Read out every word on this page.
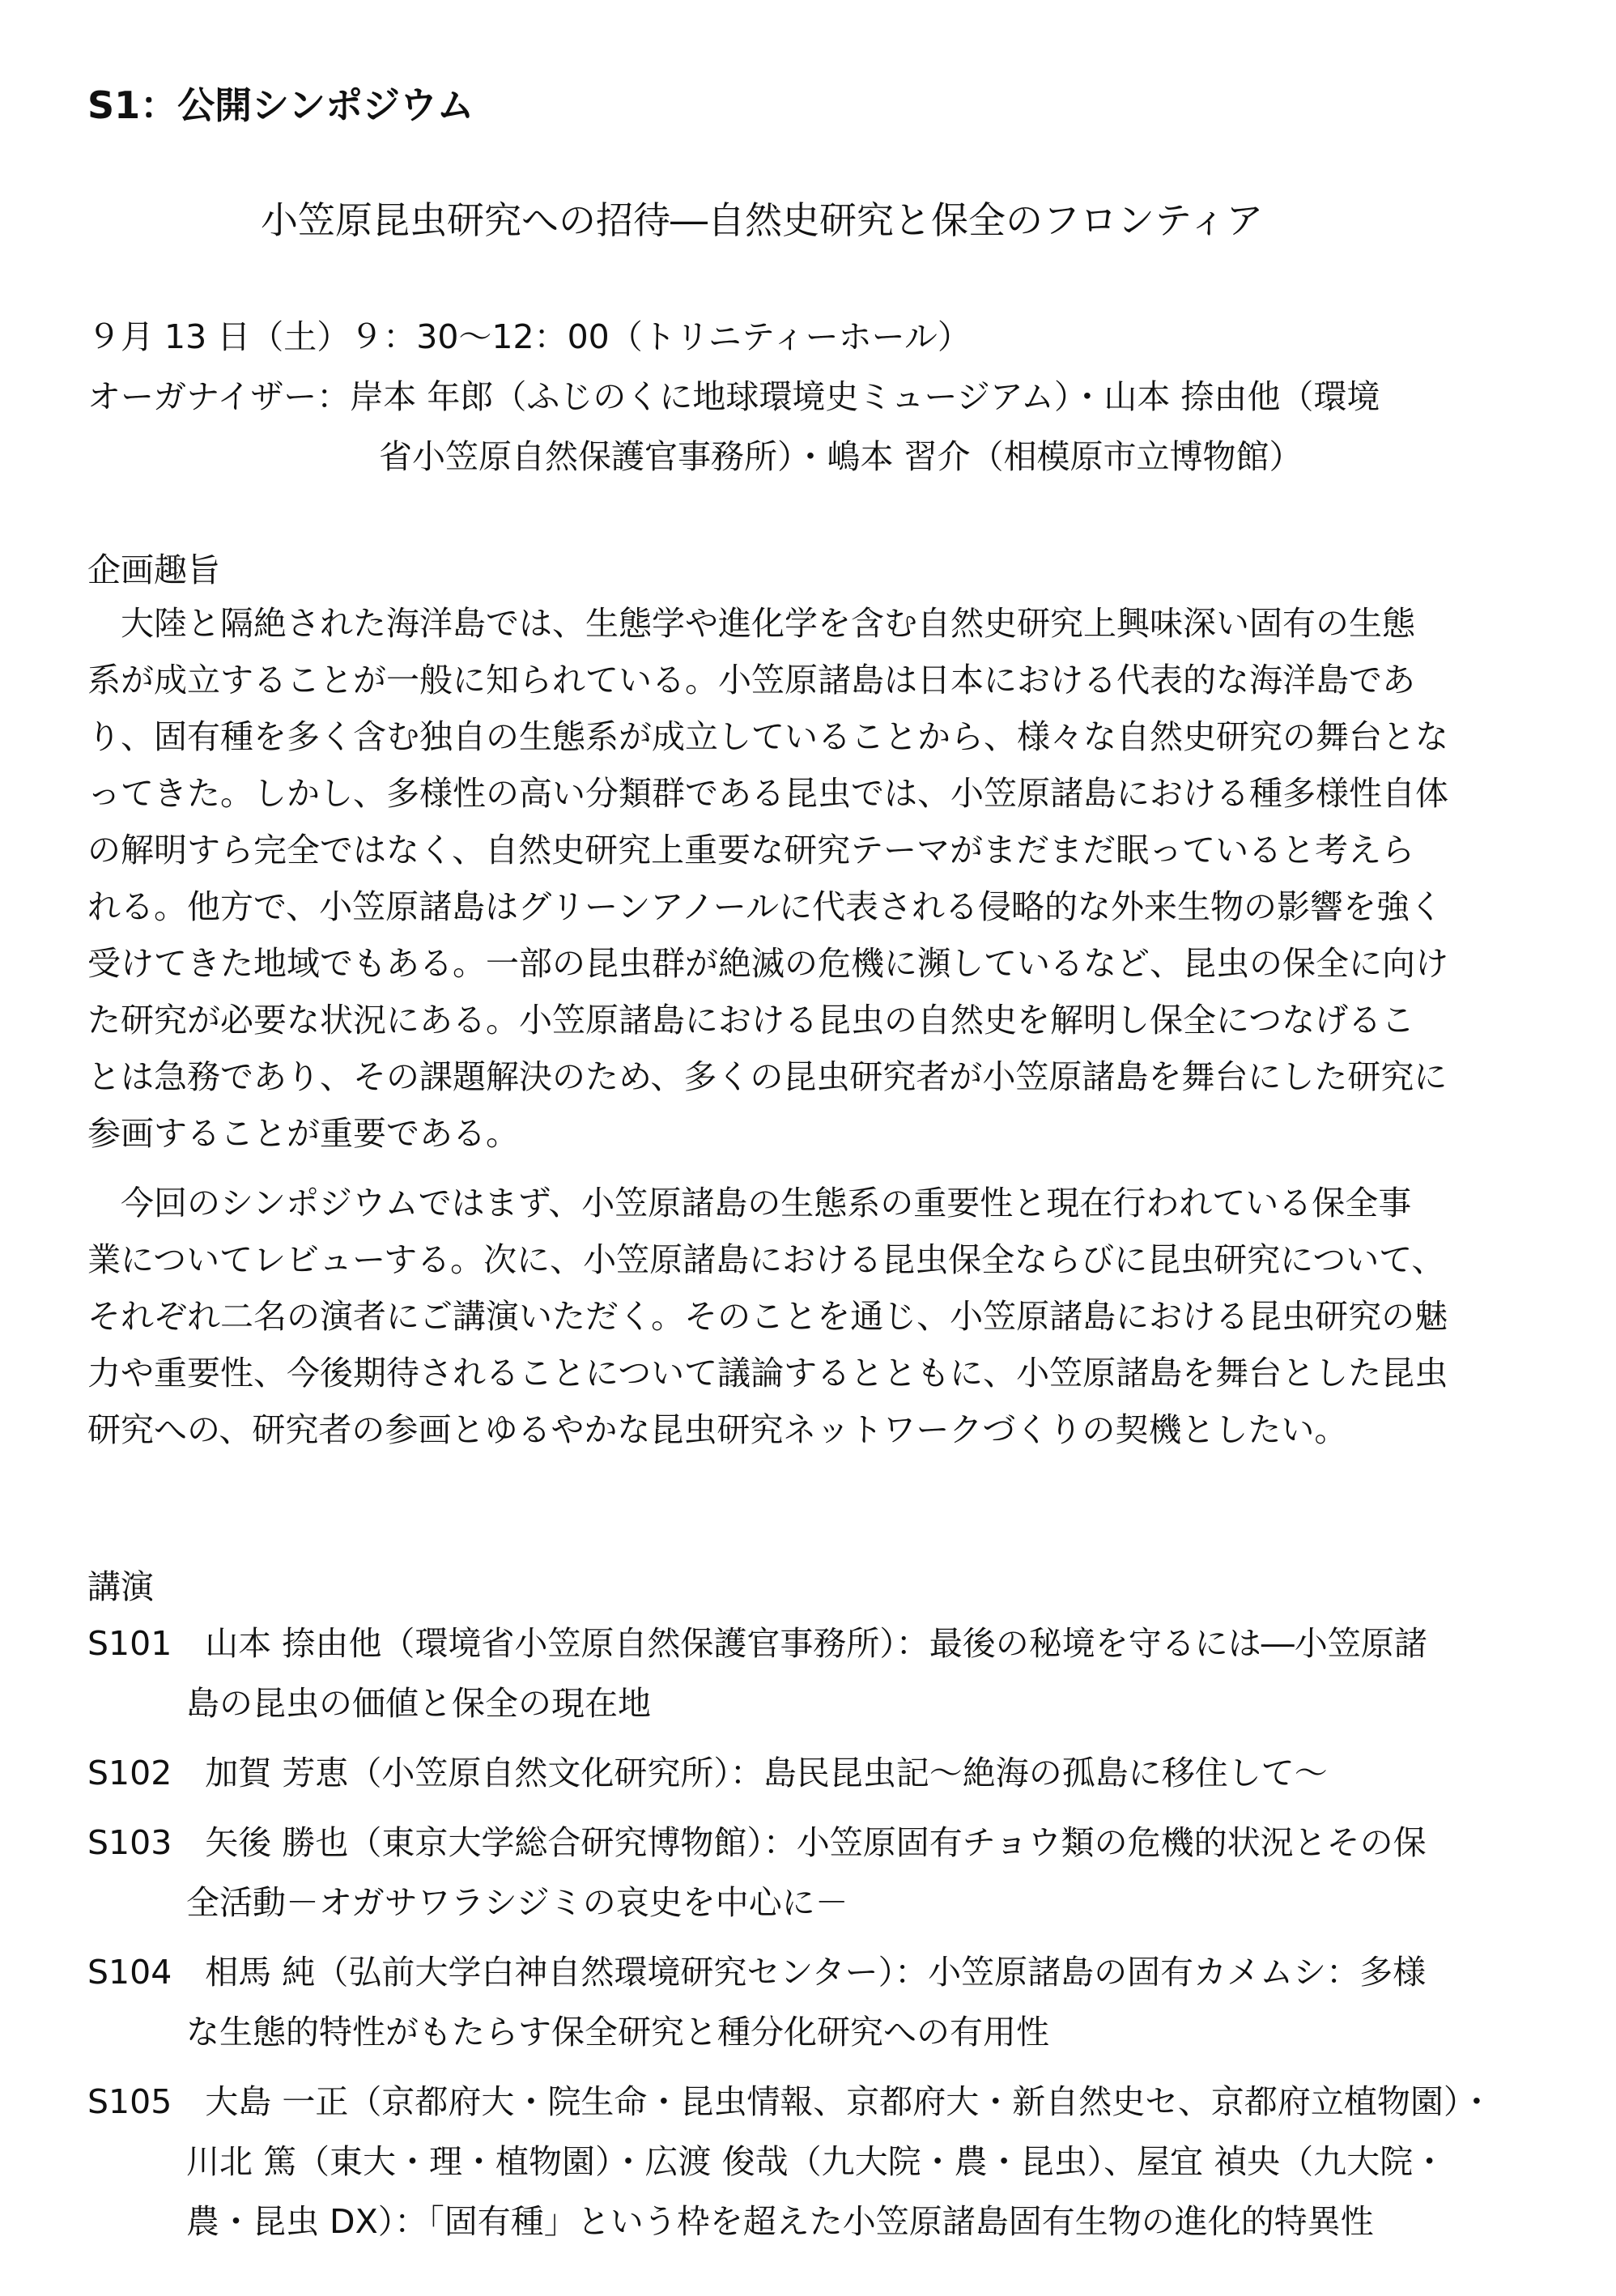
S1：公開シンポジウム
小笠原昆虫研究への招待―自然史研究と保全のフロンティア
９月 13 日（土）９：30～12：00（トリニティーホール）
オーガナイザー：岸本 年郎（ふじのくに地球環境史ミュージアム）・山本 捺由他（環境
省小笠原自然保護官事務所）・嶋本 習介（相模原市立博物館）
企画趣旨
　大陸と隔絶された海洋島では、生態学や進化学を含む自然史研究上興味深い固有の生態
系が成立することが一般に知られている。小笠原諸島は日本における代表的な海洋島であ
り、固有種を多く含む独自の生態系が成立していることから、様々な自然史研究の舞台とな
ってきた。しかし、多様性の高い分類群である昆虫では、小笠原諸島における種多様性自体
の解明すら完全ではなく、自然史研究上重要な研究テーマがまだまだ眠っていると考えら
れる。他方で、小笠原諸島はグリーンアノールに代表される侵略的な外来生物の影響を強く
受けてきた地域でもある。一部の昆虫群が絶滅の危機に瀕しているなど、昆虫の保全に向け
た研究が必要な状況にある。小笠原諸島における昆虫の自然史を解明し保全につなげるこ
とは急務であり、その課題解決のため、多くの昆虫研究者が小笠原諸島を舞台にした研究に
参画することが重要である。
　今回のシンポジウムではまず、小笠原諸島の生態系の重要性と現在行われている保全事
業についてレビューする。次に、小笠原諸島における昆虫保全ならびに昆虫研究について、
それぞれ二名の演者にご講演いただく。そのことを通じ、小笠原諸島における昆虫研究の魅
力や重要性、今後期待されることについて議論するとともに、小笠原諸島を舞台とした昆虫
研究への、研究者の参画とゆるやかな昆虫研究ネットワークづくりの契機としたい。
講演
S101　山本 捺由他（環境省小笠原自然保護官事務所）：最後の秘境を守るには―小笠原諸
島の昆虫の価値と保全の現在地
S102　加賀 芳恵（小笠原自然文化研究所）：島民昆虫記～絶海の孤島に移住して～
S103　矢後 勝也（東京大学総合研究博物館）：小笠原固有チョウ類の危機的状況とその保
全活動－オガサワラシジミの哀史を中心に－
S104　相馬 純（弘前大学白神自然環境研究センター）：小笠原諸島の固有カメムシ：多様
な生態的特性がもたらす保全研究と種分化研究への有用性
S105　大島 一正（京都府大・院生命・昆虫情報、京都府大・新自然史セ、京都府立植物園）・
川北 篤（東大・理・植物園）・広渡 俊哉（九大院・農・昆虫）、屋宜 禎央（九大院・
農・昆虫 DX）：「固有種」という枠を超えた小笠原諸島固有生物の進化的特異性
